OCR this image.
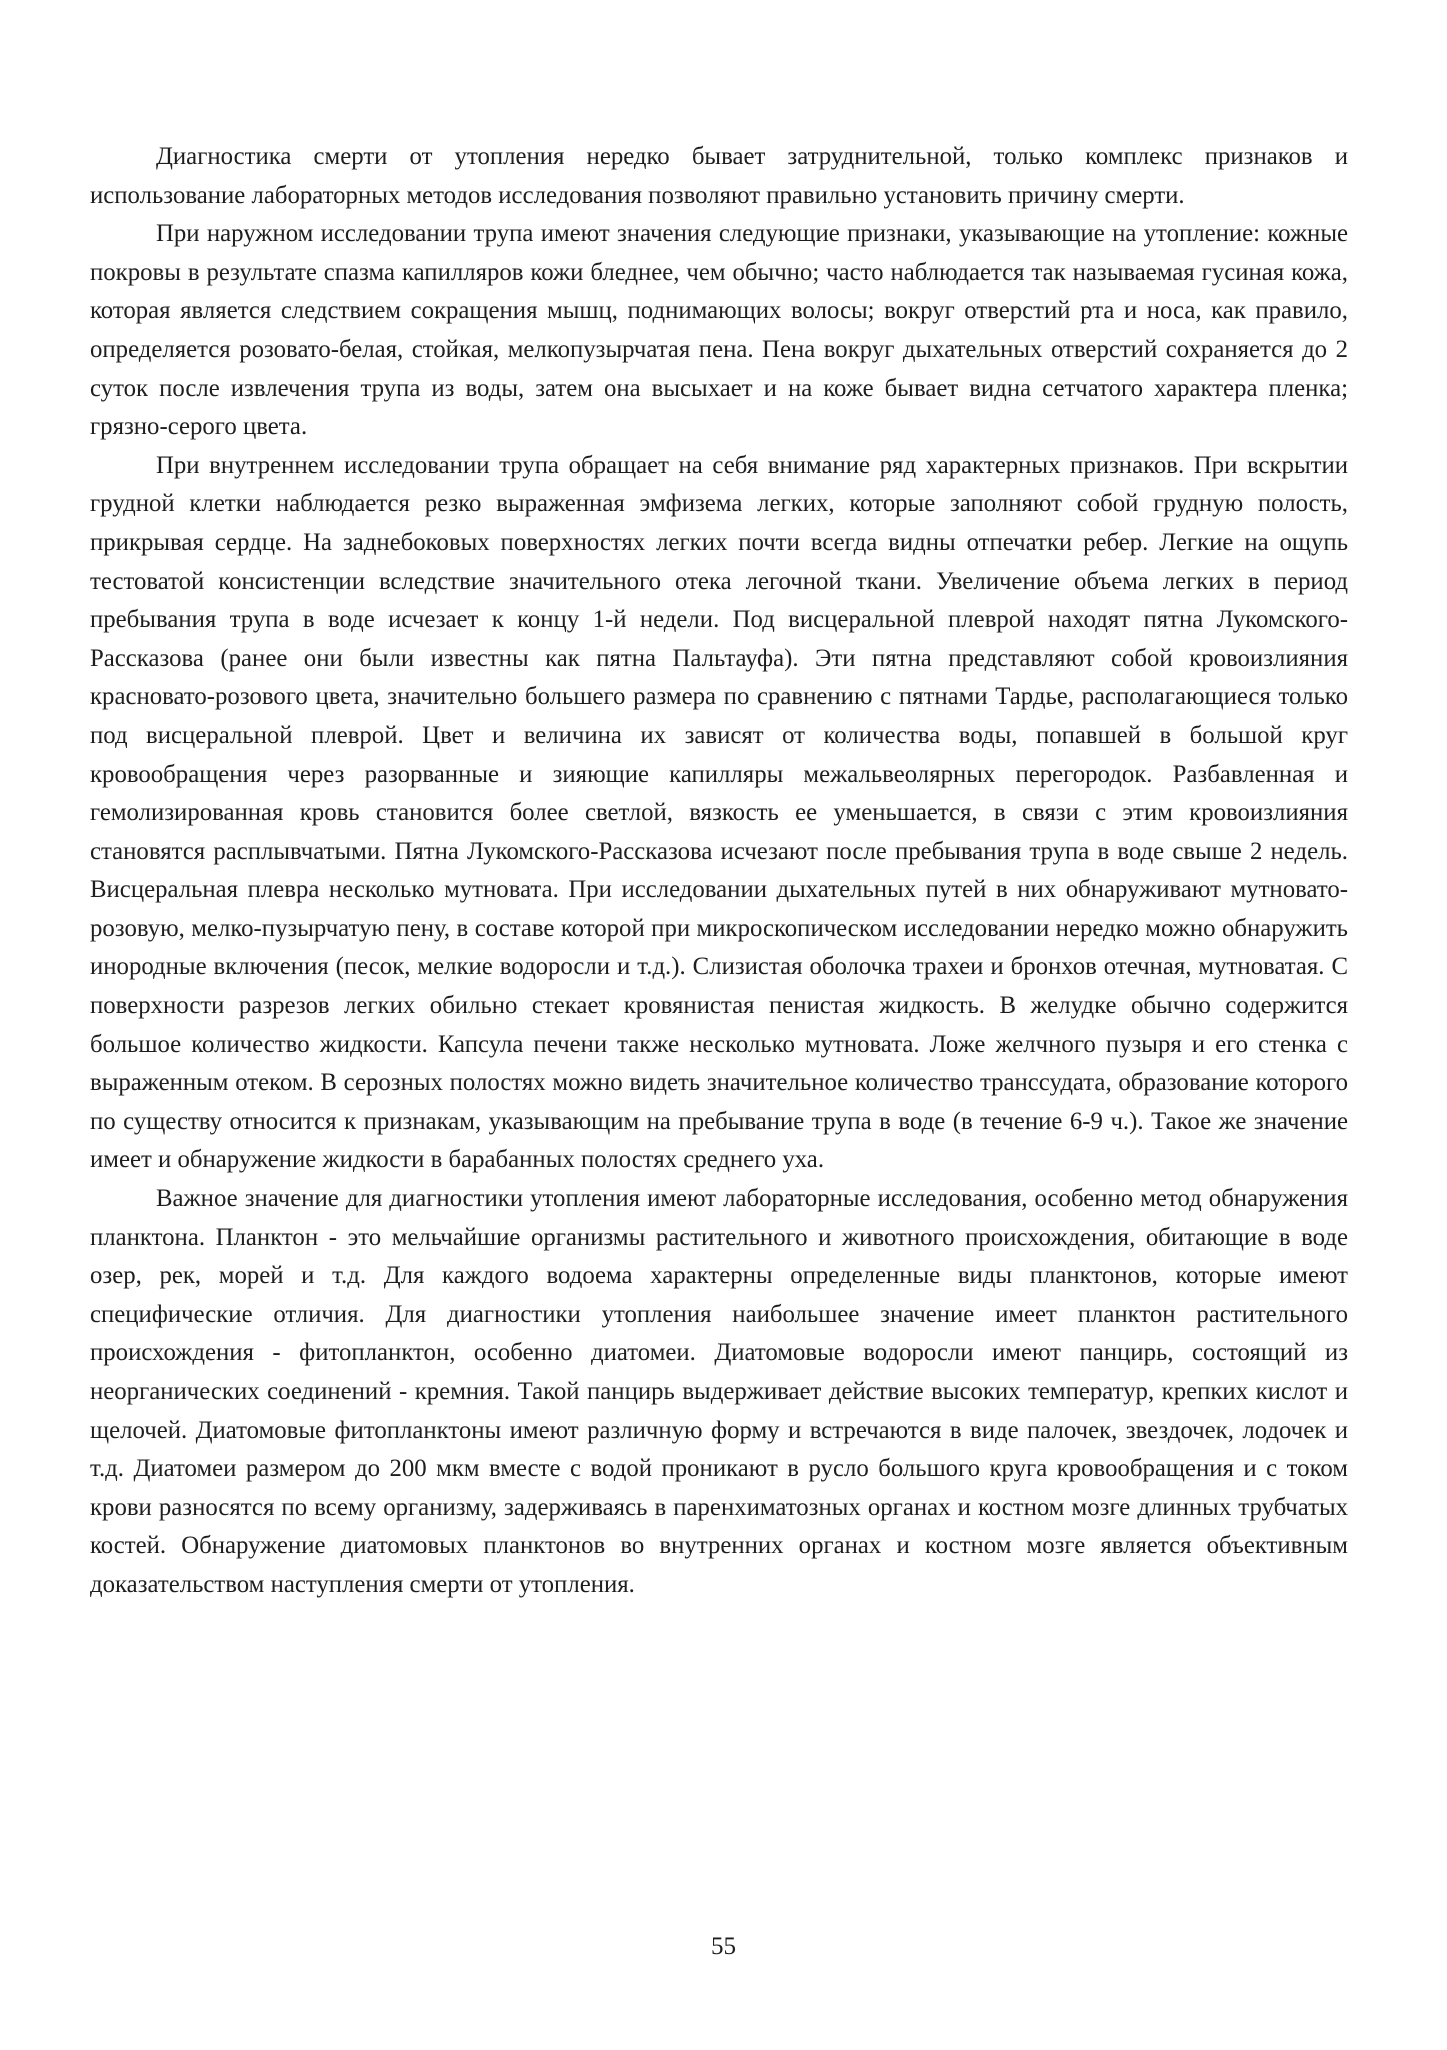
Диагностика смерти от утопления нередко бывает затруднительной, только комплекс признаков и использование лабораторных методов исследования позволяют правильно установить причину смерти.

При наружном исследовании трупа имеют значения следующие признаки, указывающие на утопление: кожные покровы в результате спазма капилляров кожи бледнее, чем обычно; часто наблюдается так называемая гусиная кожа, которая является следствием сокращения мышц, поднимающих волосы; вокруг отверстий рта и носа, как правило, определяется розовато-белая, стойкая, мелкопузырчатая пена. Пена вокруг дыхательных отверстий сохраняется до 2 суток после извлечения трупа из воды, затем она высыхает и на коже бывает видна сетчатого характера пленка; грязно-серого цвета.

При внутреннем исследовании трупа обращает на себя внимание ряд характерных признаков. При вскрытии грудной клетки наблюдается резко выраженная эмфизема легких, которые заполняют собой грудную полость, прикрывая сердце. На заднебоковых поверхностях легких почти всегда видны отпечатки ребер. Легкие на ощупь тестоватой консистенции вследствие значительного отека легочной ткани. Увеличение объема легких в период пребывания трупа в воде исчезает к концу 1-й недели. Под висцеральной плеврой находят пятна Лукомского-Рассказова (ранее они были известны как пятна Пальтауфа). Эти пятна представляют собой кровоизлияния красновато-розового цвета, значительно большего размера по сравнению с пятнами Тардье, располагающиеся только под висцеральной плеврой. Цвет и величина их зависят от количества воды, попавшей в большой круг кровообращения через разорванные и зияющие капилляры межальвеолярных перегородок. Разбавленная и гемолизированная кровь становится более светлой, вязкость ее уменьшается, в связи с этим кровоизлияния становятся расплывчатыми. Пятна Лукомского-Рассказова исчезают после пребывания трупа в воде свыше 2 недель. Висцеральная плевра несколько мутновата. При исследовании дыхательных путей в них обнаруживают мутновато-розовую, мелко-пузырчатую пену, в составе которой при микроскопическом исследовании нередко можно обнаружить инородные включения (песок, мелкие водоросли и т.д.). Слизистая оболочка трахеи и бронхов отечная, мутноватая. С поверхности разрезов легких обильно стекает кровянистая пенистая жидкость. В желудке обычно содержится большое количество жидкости. Капсула печени также несколько мутновата. Ложе желчного пузыря и его стенка с выраженным отеком. В серозных полостях можно видеть значительное количество транссудата, образование которого по существу относится к признакам, указывающим на пребывание трупа в воде (в течение 6-9 ч.). Такое же значение имеет и обнаружение жидкости в барабанных полостях среднего уха.

Важное значение для диагностики утопления имеют лабораторные исследования, особенно метод обнаружения планктона. Планктон - это мельчайшие организмы растительного и животного происхождения, обитающие в воде озер, рек, морей и т.д. Для каждого водоема характерны определенные виды планктонов, которые имеют специфические отличия. Для диагностики утопления наибольшее значение имеет планктон растительного происхождения - фитопланктон, особенно диатомеи. Диатомовые водоросли имеют панцирь, состоящий из неорганических соединений - кремния. Такой панцирь выдерживает действие высоких температур, крепких кислот и щелочей. Диатомовые фитопланктоны имеют различную форму и встречаются в виде палочек, звездочек, лодочек и т.д. Диатомеи размером до 200 мкм вместе с водой проникают в русло большого круга кровообращения и с током крови разносятся по всему организму, задерживаясь в паренхиматозных органах и костном мозге длинных трубчатых костей. Обнаружение диатомовых планктонов во внутренних органах и костном мозге является объективным доказательством наступления смерти от утопления.

55
